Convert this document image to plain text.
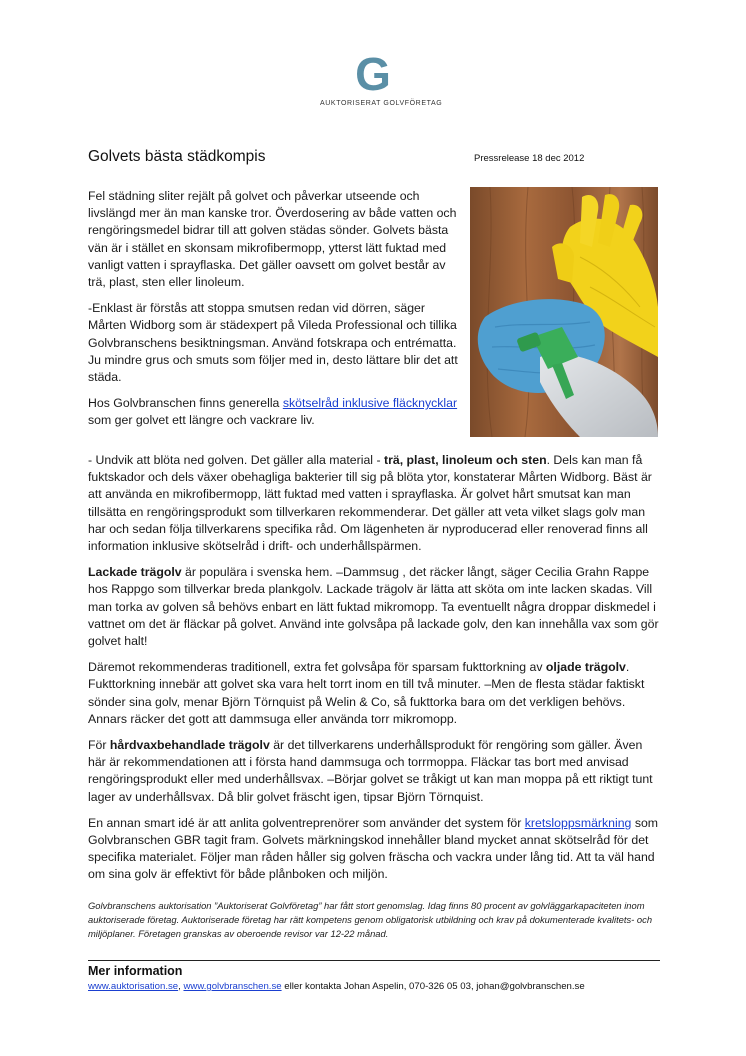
G
AUKTORISERAT GOLVFÖRETAG
Golvets bästa städkompis	Pressrelease 18 dec 2012

Fel städning sliter rejält på golvet och påverkar utseende och livslängd mer än man kanske tror. Överdosering av både vatten och rengöringsmedel bidrar till att golven städas sönder. Golvets bästa vän är i stället en skonsam mikrofibermopp, ytterst lätt fuktad med vanligt vatten i sprayflaska. Det gäller oavsett om golvet består av trä, plast, sten eller linoleum.

-Enklast är förstås att stoppa smutsen redan vid dörren, säger Mårten Widborg som är städexpert på Vileda Professional och tillika Golvbranschens besiktningsman. Använd fotskrapa och entrématta. Ju mindre grus och smuts som följer med in, desto lättare blir det att städa.

Hos Golvbranschen finns generella skötselråd inklusive fläcknycklar som ger golvet ett längre och vackrare liv.

- Undvik att blöta ned golven. Det gäller alla material - trä, plast, linoleum och sten. Dels kan man få fuktskador och dels växer obehagliga bakterier till sig på blöta ytor, konstaterar Mårten Widborg. Bäst är att använda en mikrofibermopp, lätt fuktad med vatten i sprayflaska. Är golvet hårt smutsat kan man tillsätta en rengöringsprodukt som tillverkaren rekommenderar. Det gäller att veta vilket slags golv man har och sedan följa tillverkarens specifika råd. Om lägenheten är nyproducerad eller renoverad finns all information inklusive skötselråd i drift- och underhållspärmen.

Lackade trägolv är populära i svenska hem. –Dammsug , det räcker långt, säger Cecilia Grahn Rappe hos Rappgo som tillverkar breda plankgolv. Lackade trägolv är lätta att sköta om inte lacken skadas. Vill man torka av golven så behövs enbart en lätt fuktad mikromopp. Ta eventuellt några droppar diskmedel i vattnet om det är fläckar på golvet. Använd inte golvsåpa på lackade golv, den kan innehålla vax som gör golvet halt!

Däremot rekommenderas traditionell, extra fet golvsåpa för sparsam fukttorkning av oljade trägolv. Fukttorkning innebär att golvet ska vara helt torrt inom en till två minuter. –Men de flesta städar faktiskt sönder sina golv, menar Björn Törnquist på Welin & Co, så fukttorka bara om det verkligen behövs. Annars räcker det gott att dammsuga eller använda torr mikromopp.

För hårdvaxbehandlade trägolv är det tillverkarens underhållsprodukt för rengöring som gäller. Även här är rekommendationen att i första hand dammsuga och torrmoppa. Fläckar tas bort med anvisad rengöringsprodukt eller med underhållsvax. –Börjar golvet se tråkigt ut kan man moppa på ett riktigt tunt lager av underhållsvax. Då blir golvet fräscht igen, tipsar Björn Törnquist.

En annan smart idé är att anlita golventreprenörer som använder det system för kretsloppsmärkning som Golvbranschen GBR tagit fram. Golvets märkningskod innehåller bland mycket annat skötselråd för det specifika materialet. Följer man råden håller sig golven fräscha och vackra under lång tid. Att ta väl hand om sina golv är effektivt för både plånboken och miljön.

Golvbranschens auktorisation ”Auktoriserat Golvföretag” har fått stort genomslag. Idag finns 80 procent av golvläggarkapaciteten inom auktoriserade företag. Auktoriserade företag har rätt kompetens genom obligatorisk utbildning och krav på dokumenterade kvalitets- och miljöplaner. Företagen granskas av oberoende revisor var 12-22 månad.
Mer information
www.auktorisation.se, www.golvbranschen.se eller kontakta Johan Aspelin, 070-326 05 03, johan@golvbranschen.se
